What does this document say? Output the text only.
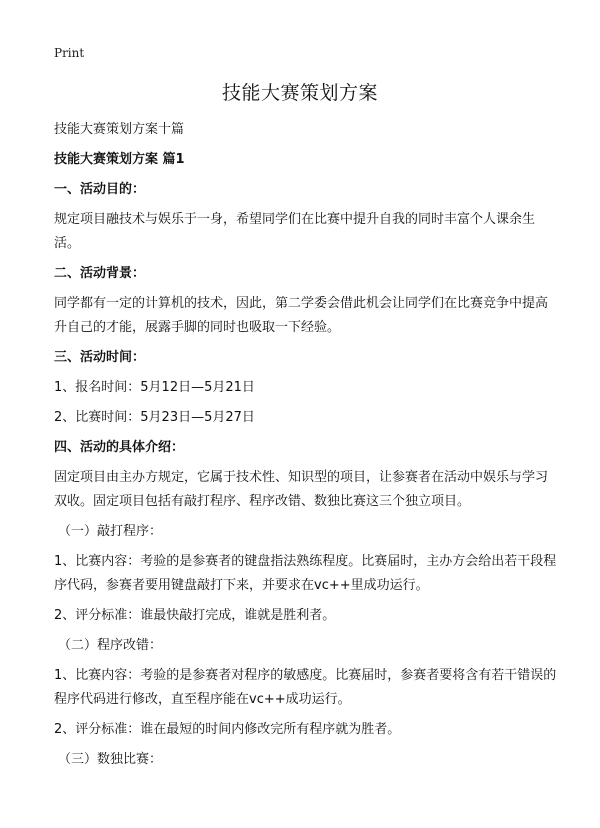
Print
技能大赛策划方案

技能大赛策划方案十篇

技能大赛策划方案 篇1

一、活动目的：

规定项目融技术与娱乐于一身，希望同学们在比赛中提升自我的同时丰富个人课余生活。

二、活动背景：

同学都有一定的计算机的技术，因此，第二学委会借此机会让同学们在比赛竞争中提高升自己的才能，展露手脚的同时也吸取一下经验。

三、活动时间：

1、报名时间：5月12日—5月21日

2、比赛时间：5月23日—5月27日

四、活动的具体介绍：

固定项目由主办方规定，它属于技术性、知识型的项目，让参赛者在活动中娱乐与学习双收。固定项目包括有敲打程序、程序改错、数独比赛这三个独立项目。

（一）敲打程序：

1、比赛内容：考验的是参赛者的键盘指法熟练程度。比赛届时，主办方会给出若干段程序代码，参赛者要用键盘敲打下来，并要求在vc++里成功运行。

2、评分标准：谁最快敲打完成，谁就是胜利者。

（二）程序改错：

1、比赛内容：考验的是参赛者对程序的敏感度。比赛届时，参赛者要将含有若干错误的程序代码进行修改，直至程序能在vc++成功运行。

2、评分标准：谁在最短的时间内修改完所有程序就为胜者。

（三）数独比赛：
